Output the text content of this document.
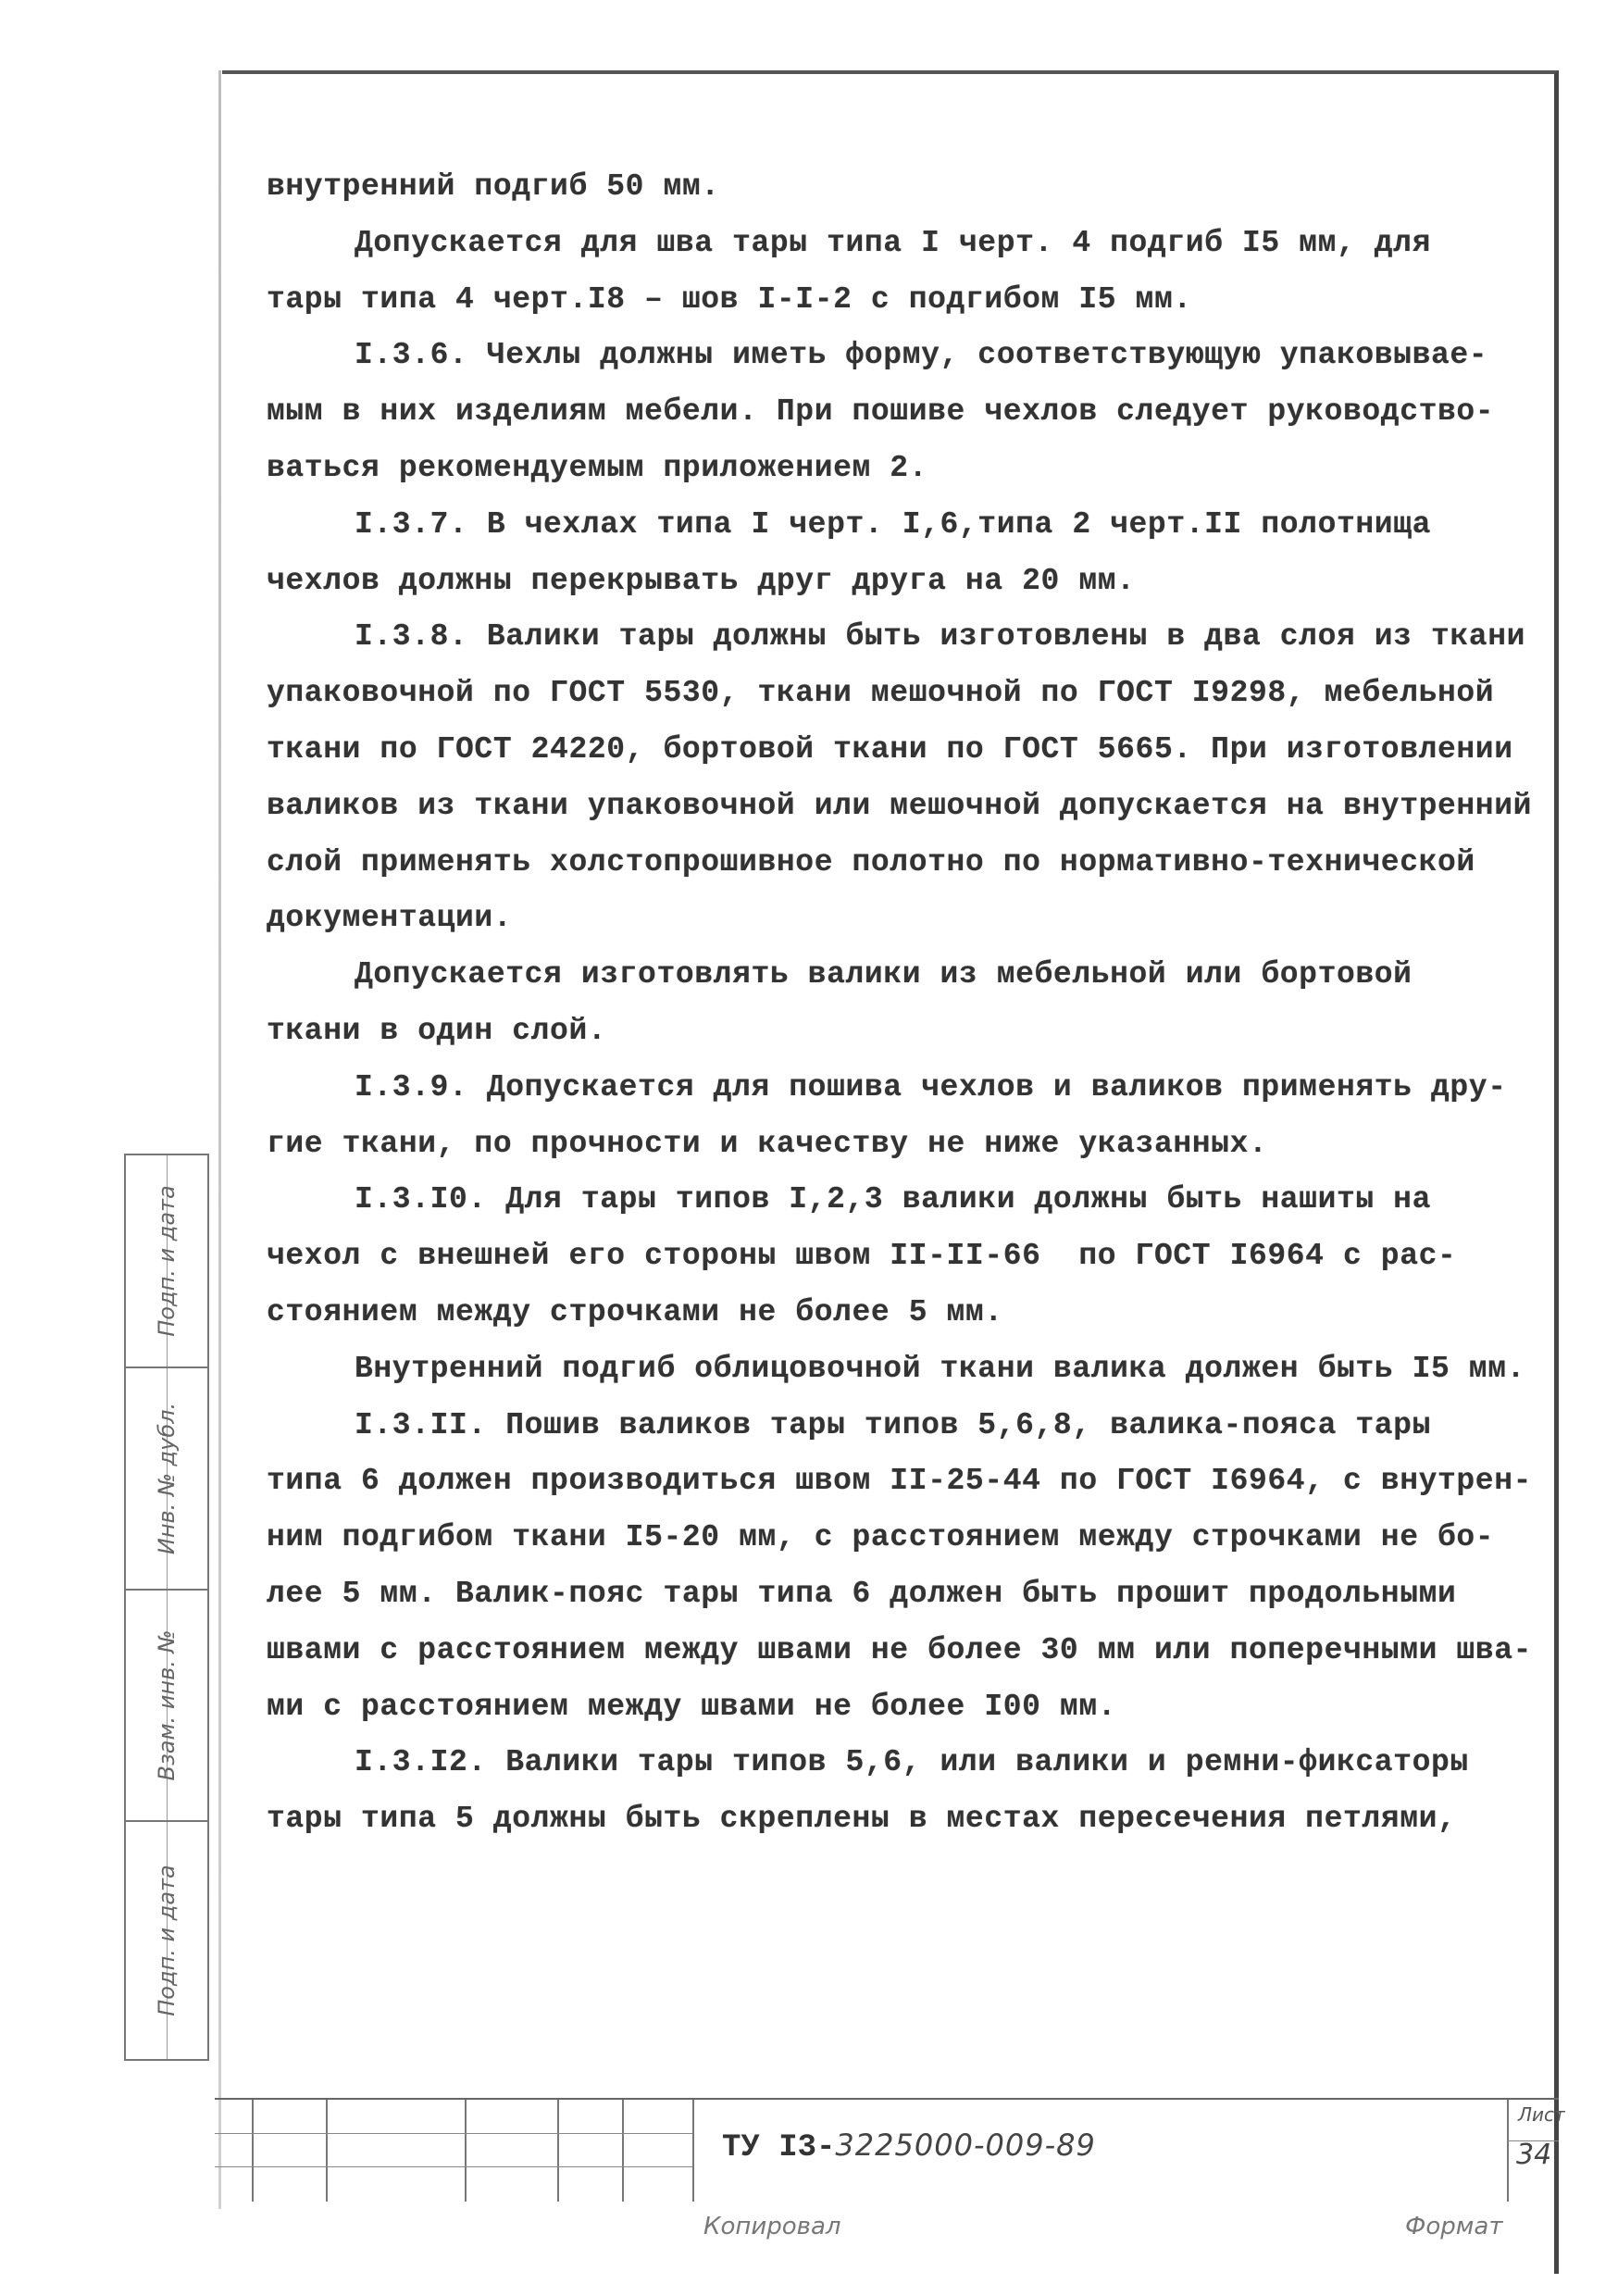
внутренний подгиб 50 мм.
Допускается для шва тары типа I черт. 4 подгиб I5 мм, для
тары типа 4 черт.I8 – шов I-I-2 с подгибом I5 мм.
I.3.6. Чехлы должны иметь форму, соответствующую упаковывае-
мым в них изделиям мебели. При пошиве чехлов следует руководство-
ваться рекомендуемым приложением 2.
I.3.7. В чехлах типа I черт. I,6,типа 2 черт.II полотнища
чехлов должны перекрывать друг друга на 20 мм.
I.3.8. Валики тары должны быть изготовлены в два слоя из ткани
упаковочной по ГОСТ 5530, ткани мешочной по ГОСТ I9298, мебельной
ткани по ГОСТ 24220, бортовой ткани по ГОСТ 5665. При изготовлении
валиков из ткани упаковочной или мешочной допускается на внутренний
слой применять холстопрошивное полотно по нормативно-технической
документации.
Допускается изготовлять валики из мебельной или бортовой
ткани в один слой.
I.3.9. Допускается для пошива чехлов и валиков применять дру-
гие ткани, по прочности и качеству не ниже указанных.
I.3.I0. Для тары типов I,2,3 валики должны быть нашиты на
чехол с внешней его стороны швом II-II-66  по ГОСТ I6964 с рас-
стоянием между строчками не более 5 мм.
Внутренний подгиб облицовочной ткани валика должен быть I5 мм.
I.3.II. Пошив валиков тары типов 5,6,8, валика-пояса тары
типа 6 должен производиться швом II-25-44 по ГОСТ I6964, с внутрен-
ним подгибом ткани I5-20 мм, с расстоянием между строчками не бо-
лее 5 мм. Валик-пояс тары типа 6 должен быть прошит продольными
швами с расстоянием между швами не более 30 мм или поперечными шва-
ми с расстоянием между швами не более I00 мм.
I.3.I2. Валики тары типов 5,6, или валики и ремни-фиксаторы
тары типа 5 должны быть скреплены в местах пересечения петлями,
Подп. и дата
Инв. № дубл.
Взам. инв. №
Подп. и дата
ТУ I3-3225000-009-89
Лист
34
Копировал	Формат
